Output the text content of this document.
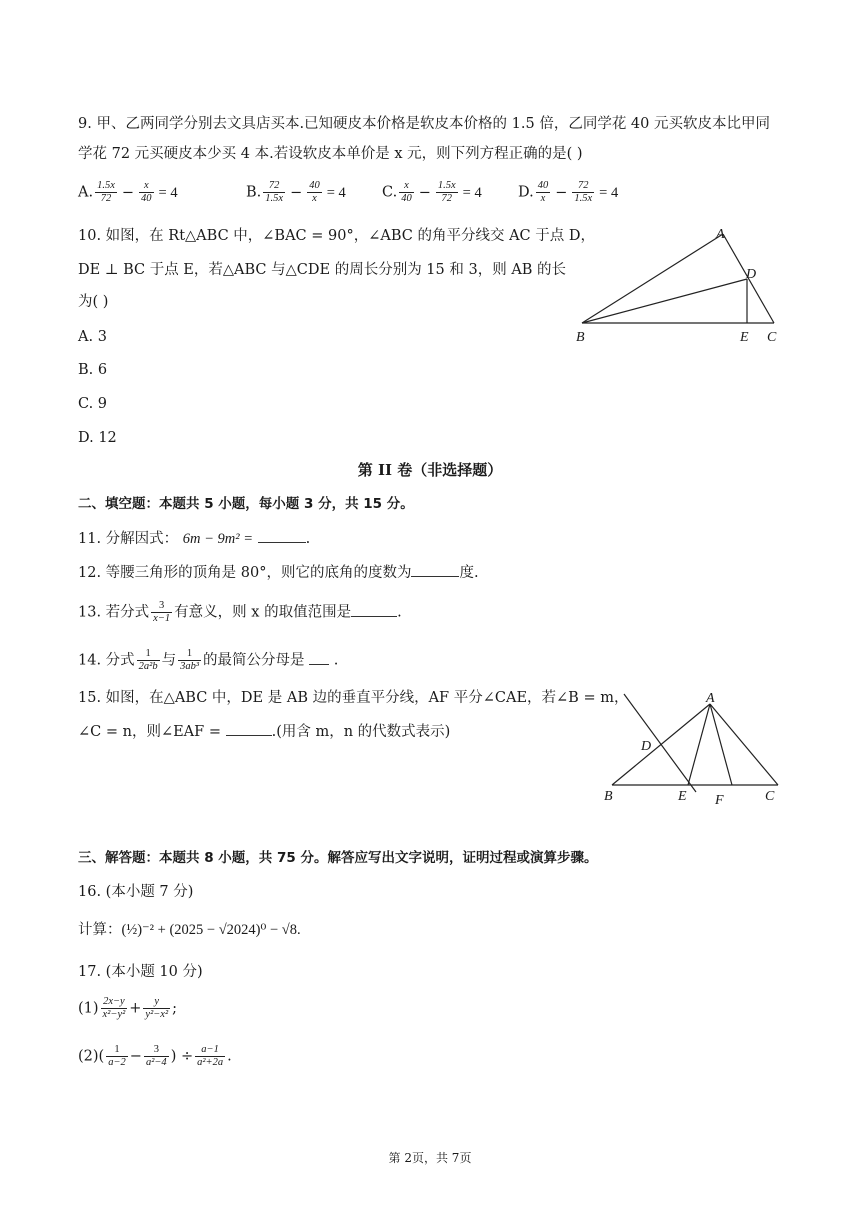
9. 甲、乙两同学分别去文具店买本.已知硬皮本价格是软皮本价格的 1.5 倍，乙同学花 40 元买软皮本比甲同
学花 72 元买硬皮本少买 4 本.若设软皮本单价是 x 元，则下列方程正确的是( )
A. $\frac{1.5x}{72} - \frac{x}{40} = 4$	B. $\frac{72}{1.5x} - \frac{40}{x} = 4$ C. $\frac{x}{40} - \frac{1.5x}{72} = 4$	D. $\frac{40}{x} - \frac{72}{1.5x} = 4$
10. 如图，在 Rt△ABC 中，∠BAC = 90°，∠ABC 的角平分线交 AC 于点 D，
DE ⊥ BC 于点 E，若△ABC 与△CDE 的周长分别为 15 和 3，则 AB 的长
为( )
A. 3
B. 6
C. 9
D. 12
A
D
B	E C
第 II 卷（非选择题）
二、填空题：本题共 5 小题，每小题 3 分，共 15 分。
11. 分解因式： 6m − 9m² =	.
12. 等腰三角形的顶角是 80°，则它的底角的度数为	度.
13. 若分式 $\frac{3}{x-1}$ 有意义，则 x 的取值范围是	.
14. 分式 $\frac{1}{\text{2a²b}}$ 与 $\frac{1}{\text{3ab³}}$ 的最简公分母是 .
15. 如图，在△ABC 中，DE 是 AB 边的垂直平分线，AF 平分∠CAE，若∠B = m，
∠C = n，则∠EAF =	.(用含 m，n 的代数式表示)
A
D
B	E F	C
三、解答题：本题共 8 小题，共 75 分。解答应写出文字说明，证明过程或演算步骤。
16. (本小题 7 分)
计算：(½)⁻² + (2025 − √2024)⁰ − √8.
17. (本小题 10 分)
$(1) \frac{2x-y}{\text{x²−y²}} + \frac{y}{\text{y²−x²}}$ ;
$(2)( \frac{1}{a-2} - \frac{3}{\text{a²−4}}$ ) ÷ $\frac{a-1}{\text{a²+2a}}$ .
第 2页，共 7页
